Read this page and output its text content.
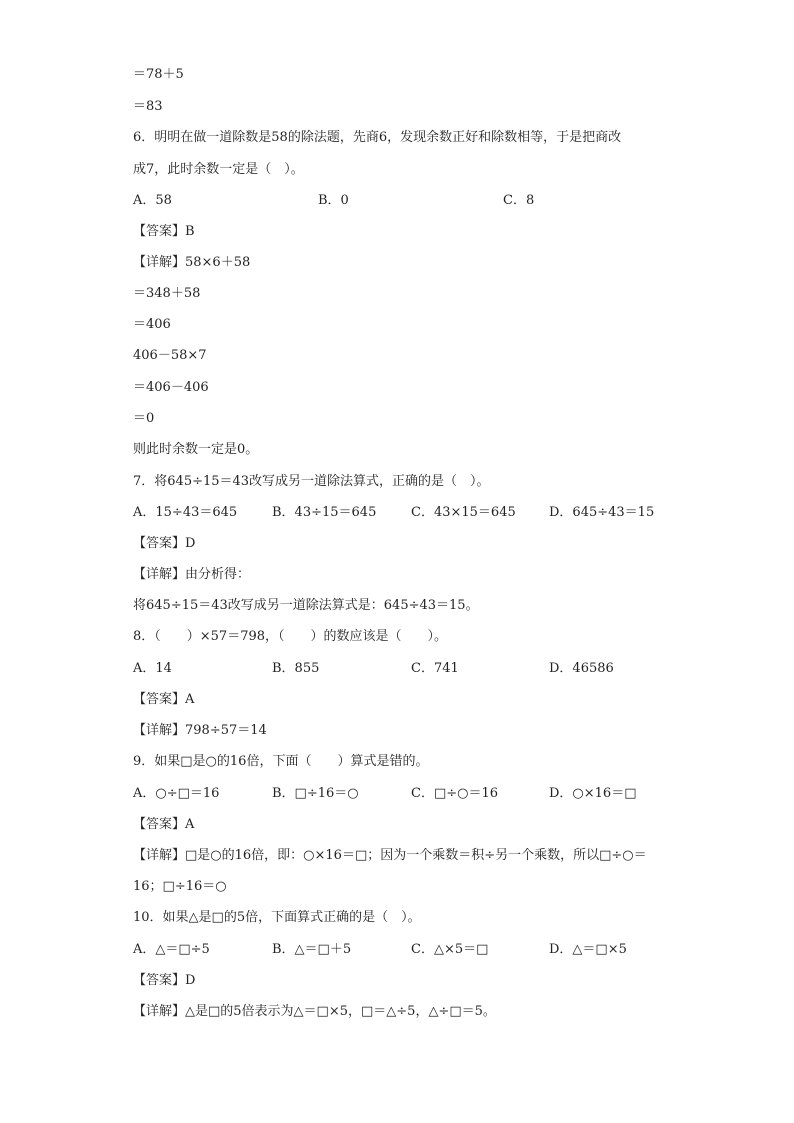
＝78＋5
＝83
6．明明在做一道除数是58的除法题，先商6，发现余数正好和除数相等，于是把商改
成7，此时余数一定是（　）。
A．58	B．0	C．8
【答案】B
【详解】58×6＋58
＝348＋58
＝406
406－58×7
＝406－406
＝0
则此时余数一定是0。
7．将645÷15＝43改写成另一道除法算式，正确的是（　）。
A．15÷43＝645	B．43÷15＝645	C．43×15＝645	D．645÷43＝15
【答案】D
【详解】由分析得：
将645÷15＝43改写成另一道除法算式是：645÷43＝15。
8．（　　）×57＝798，（　　）的数应该是（　　）。
A．14	B．855	C．741	D．46586
【答案】A
【详解】798÷57＝14
9．如果□是○的16倍，下面（　　）算式是错的。
A．○÷□＝16	B．□÷16＝○	C．□÷○＝16	D．○×16＝□
【答案】A
【详解】□是○的16倍，即：○×16＝□；因为一个乘数＝积÷另一个乘数，所以□÷○＝
16；□÷16＝○
10．如果△是□的5倍，下面算式正确的是（　）。
A．△＝□÷5	B．△＝□＋5	C．△×5＝□	D．△＝□×5
【答案】D
【详解】△是□的5倍表示为△＝□×5，□＝△÷5，△÷□＝5。
